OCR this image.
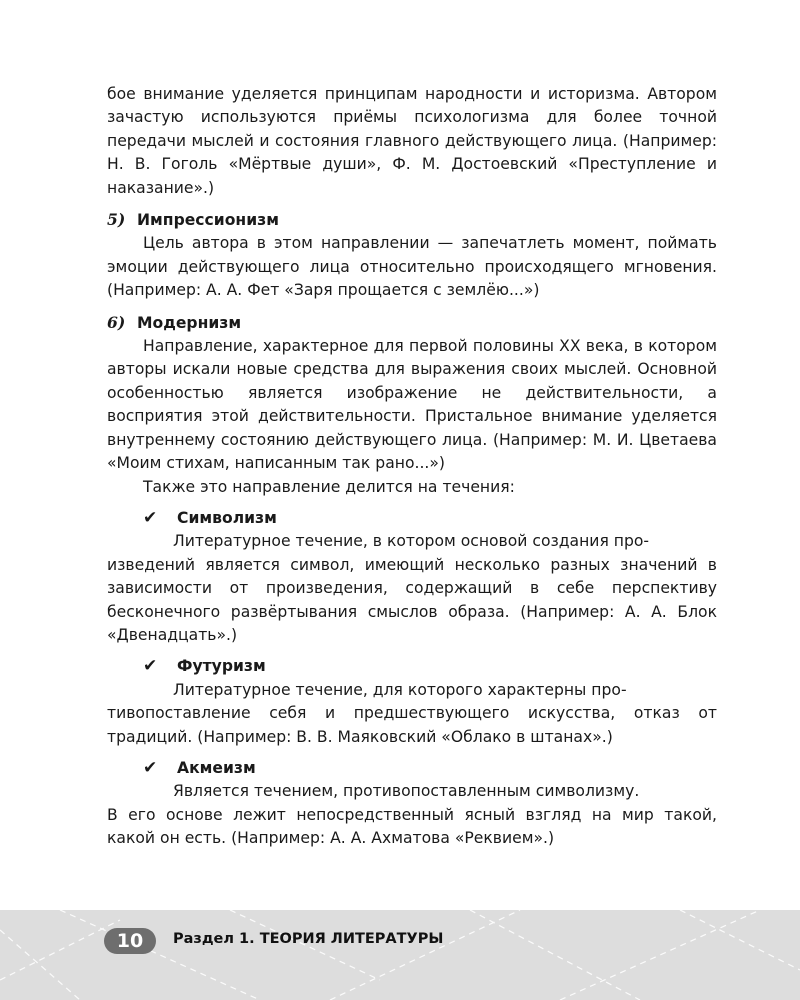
бое внимание уделяется принципам народности и историзма. Автором зачастую используются приёмы психологизма для более точной передачи мыслей и состояния главного действующего лица. (Например: Н. В. Гоголь «Мёртвые души», Ф. М. Достоевский «Преступление и наказание».)

5) Импрессионизм

Цель автора в этом направлении — запечатлеть момент, поймать эмоции действующего лица относительно происходящего мгновения. (Например: А. А. Фет «Заря прощается с землёю...»)

6) Модернизм

Направление, характерное для первой половины XX века, в котором авторы искали новые средства для выражения своих мыслей. Основной особенностью является изображение не действительности, а восприятия этой действительности. Пристальное внимание уделяется внутреннему состоянию действующего лица. (Например: М. И. Цветаева «Моим стихам, написанным так рано...»)

Также это направление делится на течения:

✔ Символизм

Литературное течение, в котором основой создания про-

изведений является символ, имеющий несколько разных значений в зависимости от произведения, содержащий в себе перспективу бесконечного развёртывания смыслов образа. (Например: А. А. Блок «Двенадцать».)

✔ Футуризм

Литературное течение, для которого характерны про-

тивопоставление себя и предшествующего искусства, отказ от традиций. (Например: В. В. Маяковский «Облако в штанах».)

✔ Акмеизм

Является течением, противопоставленным символизму.

В его основе лежит непосредственный ясный взгляд на мир такой, какой он есть. (Например: А. А. Ахматова «Реквием».)

10	Раздел 1. ТЕОРИЯ ЛИТЕРАТУРЫ
